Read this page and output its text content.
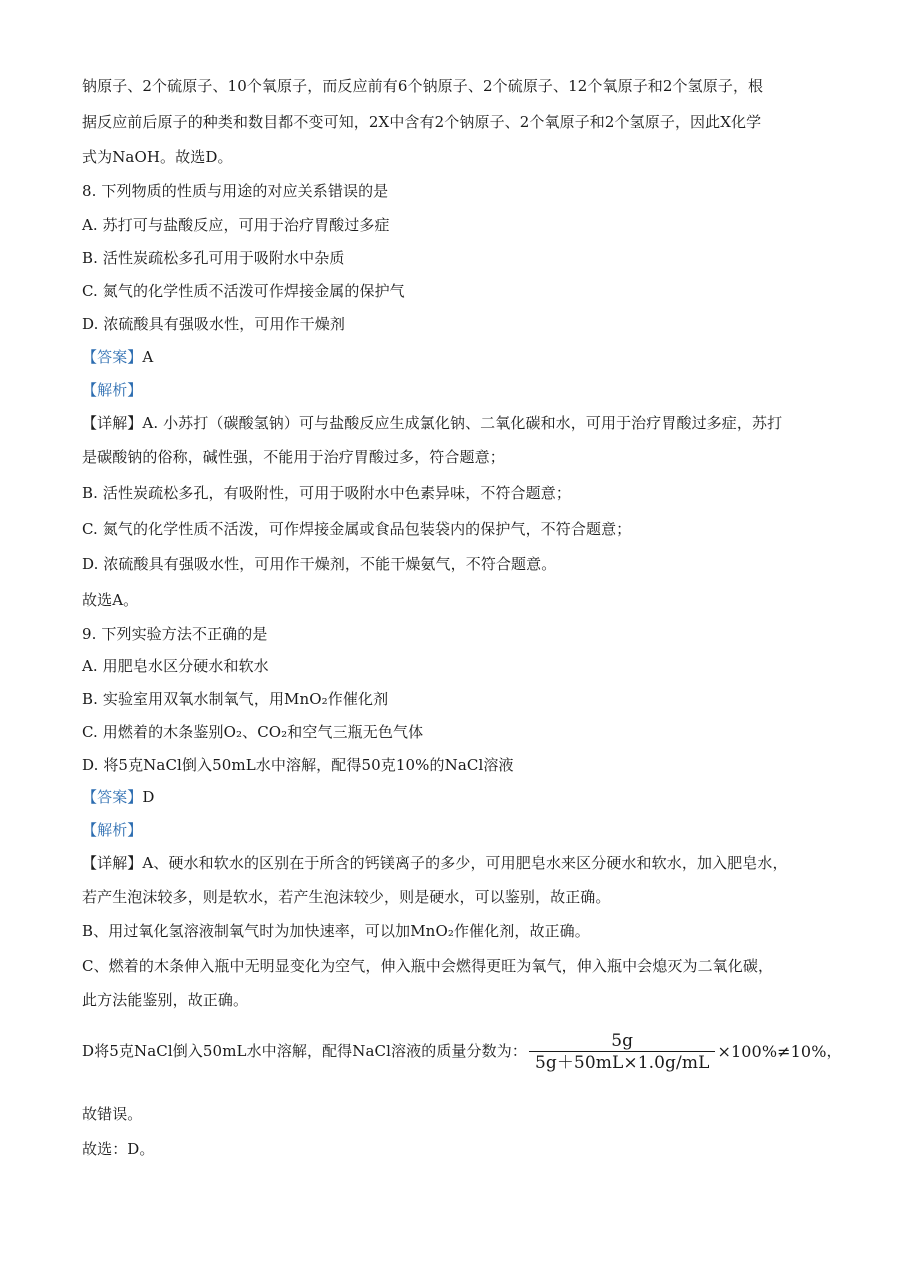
钠原子、2个硫原子、10个氧原子，而反应前有6个钠原子、2个硫原子、12个氧原子和2个氢原子，根
据反应前后原子的种类和数目都不变可知，2X中含有2个钠原子、2个氧原子和2个氢原子，因此X化学
式为NaOH。故选D。
8. 下列物质的性质与用途的对应关系错误的是
A. 苏打可与盐酸反应，可用于治疗胃酸过多症
B. 活性炭疏松多孔可用于吸附水中杂质
C. 氮气的化学性质不活泼可作焊接金属的保护气
D. 浓硫酸具有强吸水性，可用作干燥剂
【答案】A
【解析】
【详解】A. 小苏打（碳酸氢钠）可与盐酸反应生成氯化钠、二氧化碳和水，可用于治疗胃酸过多症，苏打
是碳酸钠的俗称，碱性强，不能用于治疗胃酸过多，符合题意；
B. 活性炭疏松多孔，有吸附性，可用于吸附水中色素异味，不符合题意；
C. 氮气的化学性质不活泼，可作焊接金属或食品包装袋内的保护气，不符合题意；
D. 浓硫酸具有强吸水性，可用作干燥剂，不能干燥氨气，不符合题意。
故选A。
9. 下列实验方法不正确的是
A. 用肥皂水区分硬水和软水
B. 实验室用双氧水制氧气，用MnO₂作催化剂
C. 用燃着的木条鉴别O₂、CO₂和空气三瓶无色气体
D. 将5克NaCl倒入50mL水中溶解，配得50克10%的NaCl溶液
【答案】D
【解析】
【详解】A、硬水和软水的区别在于所含的钙镁离子的多少，可用肥皂水来区分硬水和软水，加入肥皂水，
若产生泡沫较多，则是软水，若产生泡沫较少，则是硬水，可以鉴别，故正确。
B、用过氧化氢溶液制氧气时为加快速率，可以加MnO₂作催化剂，故正确。
C、燃着的木条伸入瓶中无明显变化为空气，伸入瓶中会燃得更旺为氧气，伸入瓶中会熄灭为二氧化碳，
此方法能鉴别，故正确。
D将5克NaCl倒入50mL水中溶解，配得NaCl溶液的质量分数为： $\frac{5g}{5g+50mL\times 1.0g/mL} \times 100\%\ne 10\%$，
故错误。
故选：D。
